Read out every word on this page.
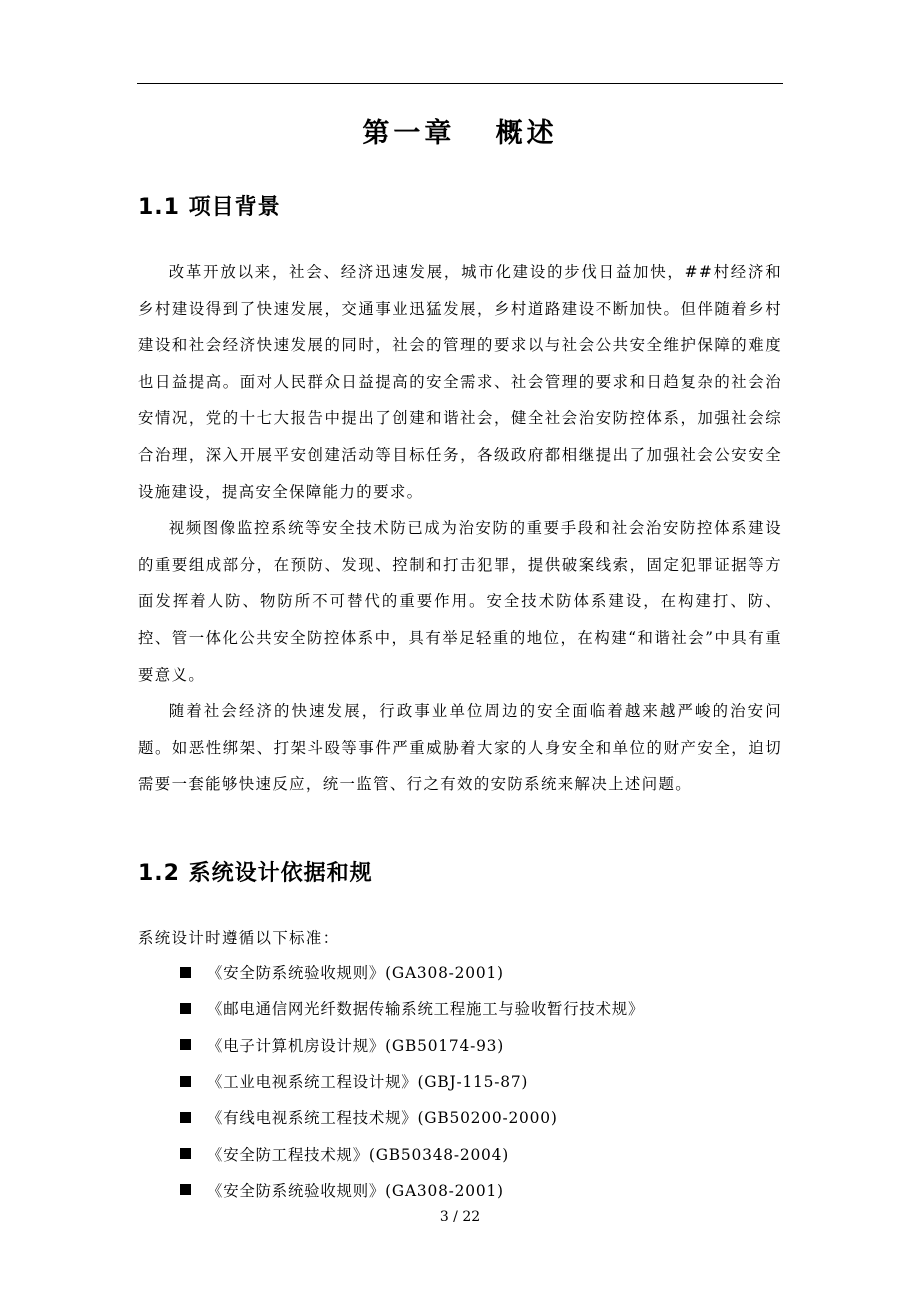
第一章   概述
1.1 项目背景

改革开放以来，社会、经济迅速发展，城市化建设的步伐日益加快，##村经济和乡村建设得到了快速发展，交通事业迅猛发展，乡村道路建设不断加快。但伴随着乡村建设和社会经济快速发展的同时，社会的管理的要求以与社会公共安全维护保障的难度也日益提高。面对人民群众日益提高的安全需求、社会管理的要求和日趋复杂的社会治安情况，党的十七大报告中提出了创建和谐社会，健全社会治安防控体系，加强社会综合治理，深入开展平安创建活动等目标任务，各级政府都相继提出了加强社会公安安全设施建设，提高安全保障能力的要求。

视频图像监控系统等安全技术防已成为治安防的重要手段和社会治安防控体系建设的重要组成部分，在预防、发现、控制和打击犯罪，提供破案线索，固定犯罪证据等方面发挥着人防、物防所不可替代的重要作用。安全技术防体系建设，在构建打、防、控、管一体化公共安全防控体系中，具有举足轻重的地位，在构建“和谐社会”中具有重要意义。

随着社会经济的快速发展，行政事业单位周边的安全面临着越来越严峻的治安问题。如恶性绑架、打架斗殴等事件严重威胁着大家的人身安全和单位的财产安全，迫切需要一套能够快速反应，统一监管、行之有效的安防系统来解决上述问题。

1.2 系统设计依据和规

系统设计时遵循以下标准：

《安全防系统验收规则》(GA308-2001)
《邮电通信网光纤数据传输系统工程施工与验收暂行技术规》
《电子计算机房设计规》(GB50174-93)
《工业电视系统工程设计规》(GBJ-115-87)
《有线电视系统工程技术规》(GB50200-2000)
《安全防工程技术规》(GB50348-2004)
《安全防系统验收规则》(GA308-2001)
3 / 22
